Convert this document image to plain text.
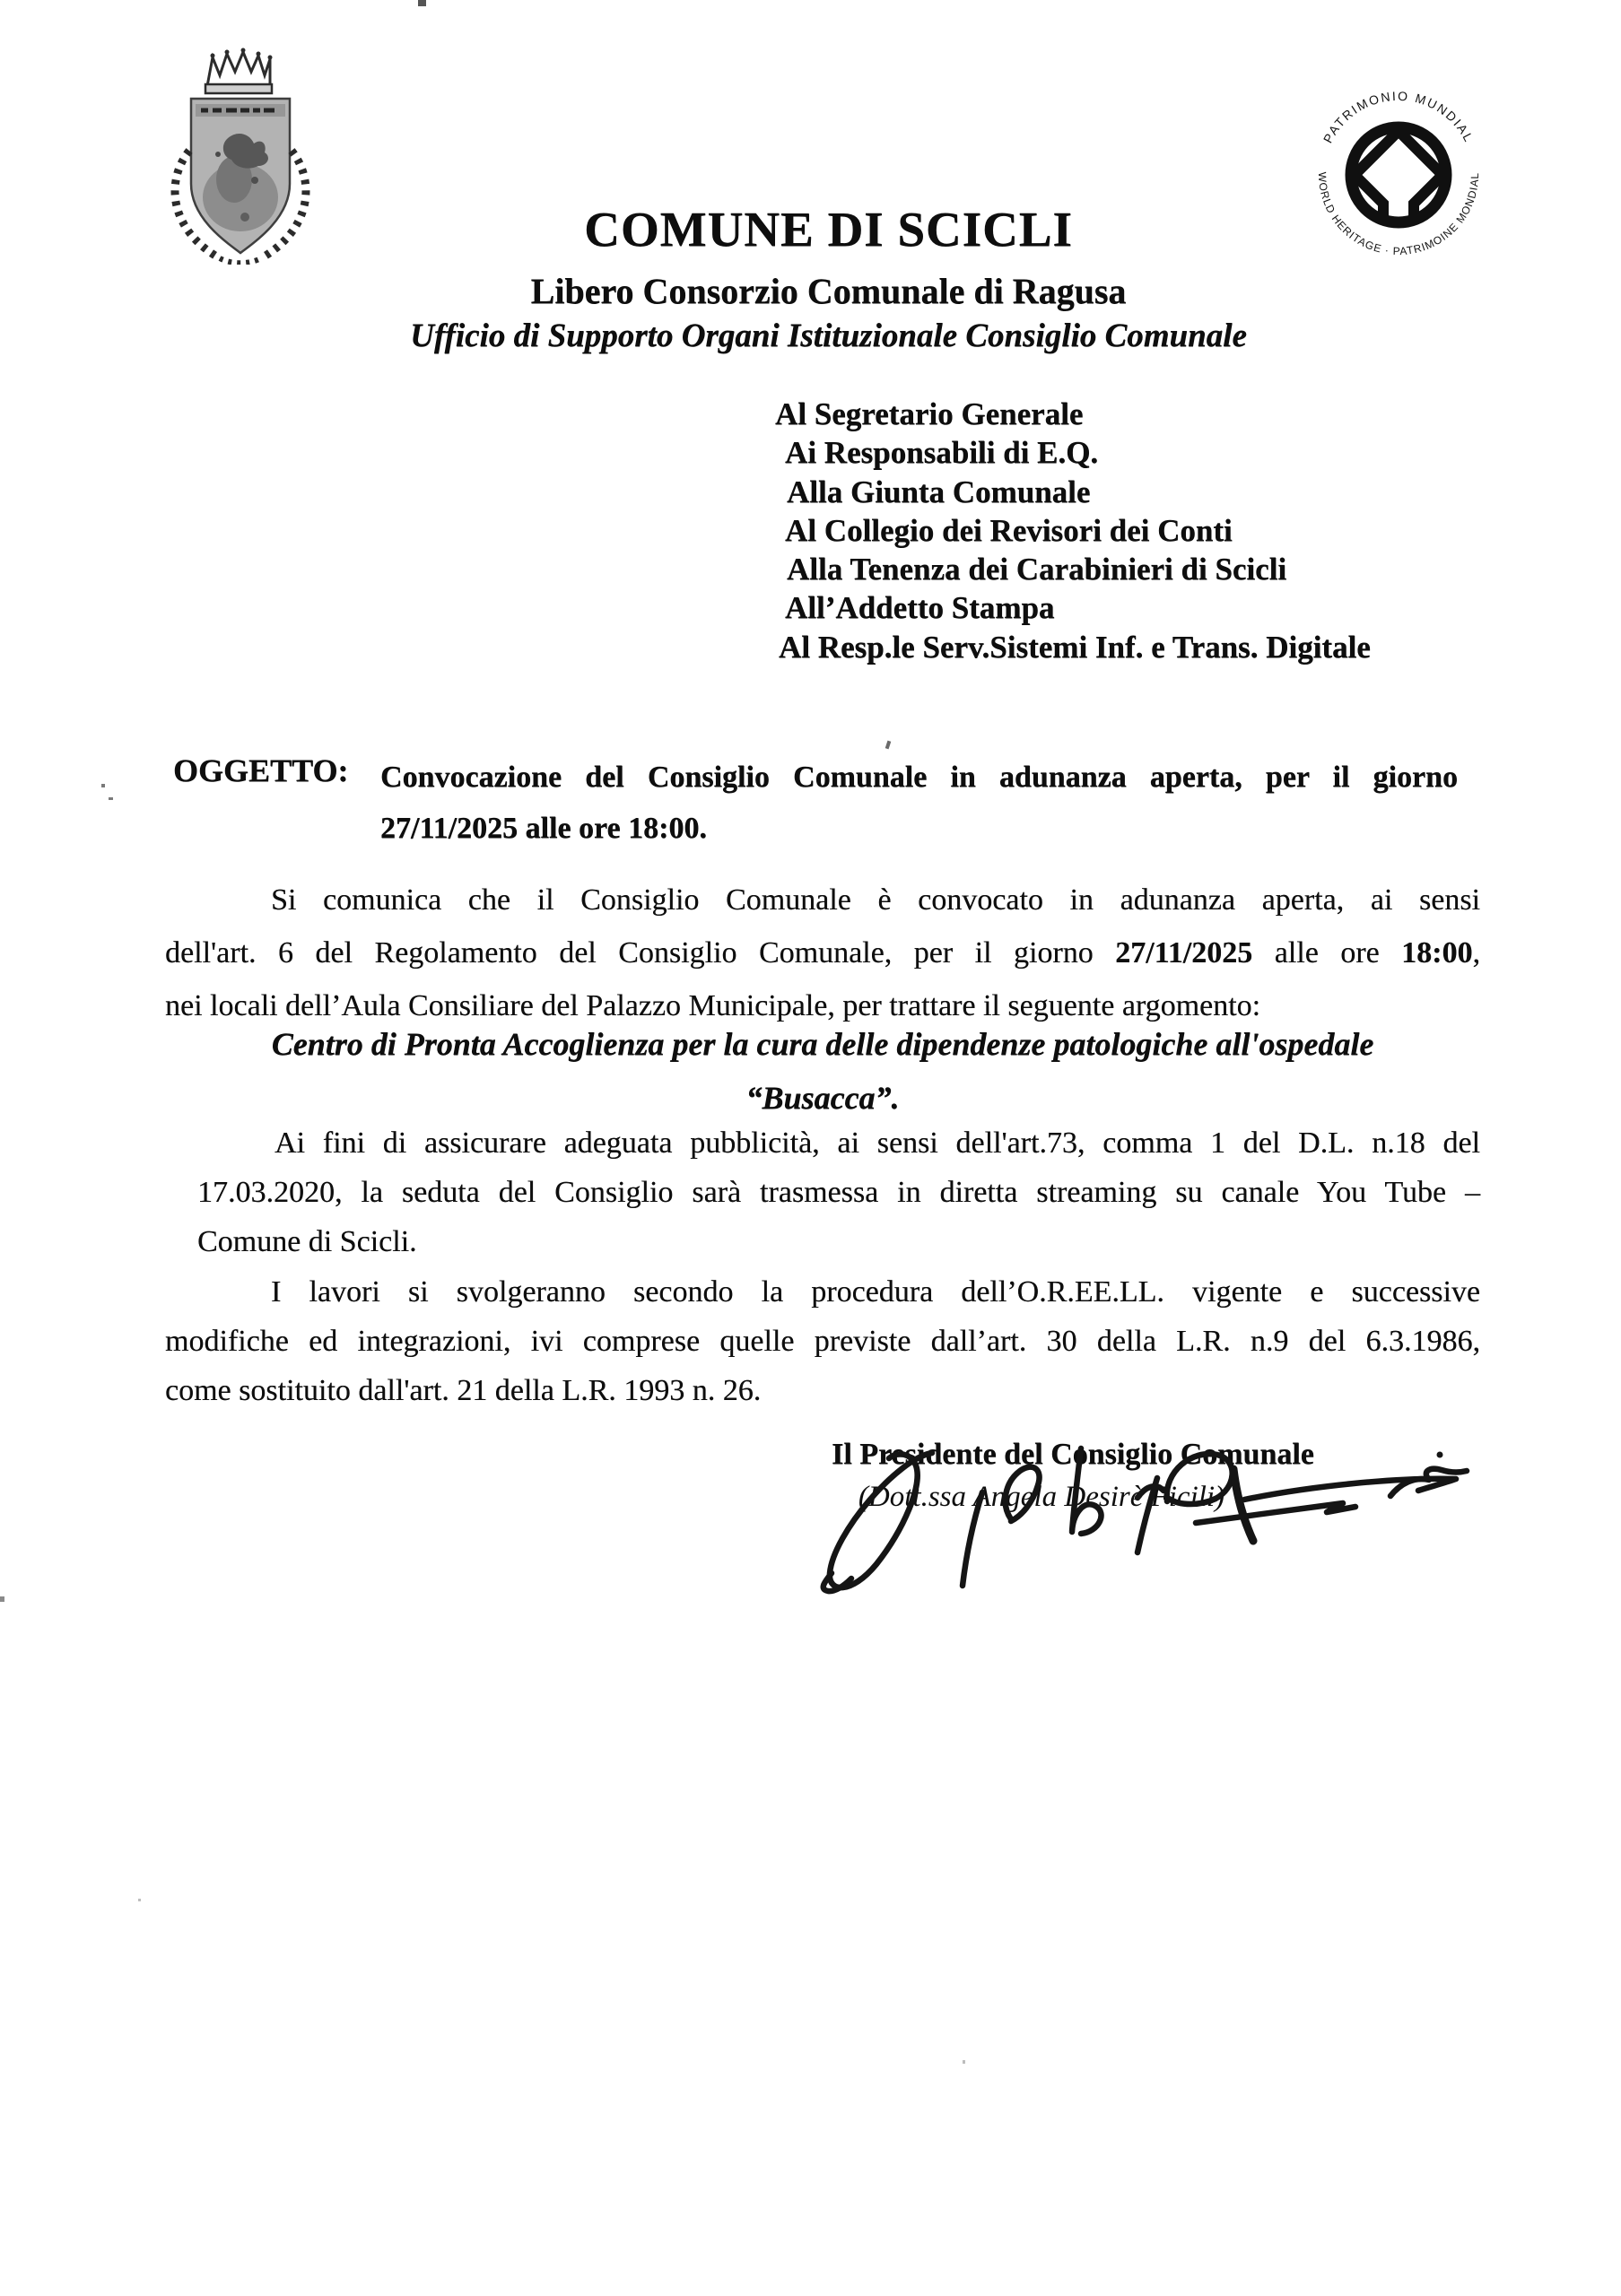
PATRIMONIO MUNDIAL
WORLD HERITAGE · PATRIMOINE MONDIAL
COMUNE DI SCICLI
Libero Consorzio Comunale di Ragusa
Ufficio di Supporto Organi Istituzionale Consiglio Comunale
Al Segretario Generale
Ai Responsabili di E.Q.
Alla Giunta Comunale
Al Collegio dei Revisori dei Conti
Alla Tenenza dei Carabinieri di Scicli
All’Addetto Stampa
Al Resp.le Serv.Sistemi Inf. e Trans. Digitale
OGGETTO: Convocazione del Consiglio Comunale in adunanza aperta, per il giorno
27/11/2025 alle ore 18:00.
Si comunica che il Consiglio Comunale è convocato in adunanza aperta, ai sensi
dell'art. 6 del Regolamento del Consiglio Comunale, per il giorno 27/11/2025 alle ore 18:00,
nei locali dell’Aula Consiliare del Palazzo Municipale, per trattare il seguente argomento:
Centro di Pronta Accoglienza per la cura delle dipendenze patologiche all'ospedale
“Busacca”.
Ai fini di assicurare adeguata pubblicità, ai sensi dell'art.73, comma 1 del D.L. n.18 del
17.03.2020, la seduta del Consiglio sarà trasmessa in diretta streaming su canale You Tube –
Comune di Scicli.
I lavori si svolgeranno secondo la procedura dell’O.R.EE.LL. vigente e successive
modifiche ed integrazioni, ivi comprese quelle previste dall’art. 30 della L.R. n.9 del 6.3.1986,
come sostituito dall'art. 21 della L.R. 1993 n. 26.
Il Presidente del Consiglio Comunale
(Dott.ssa Angela Desirè Ficili)
